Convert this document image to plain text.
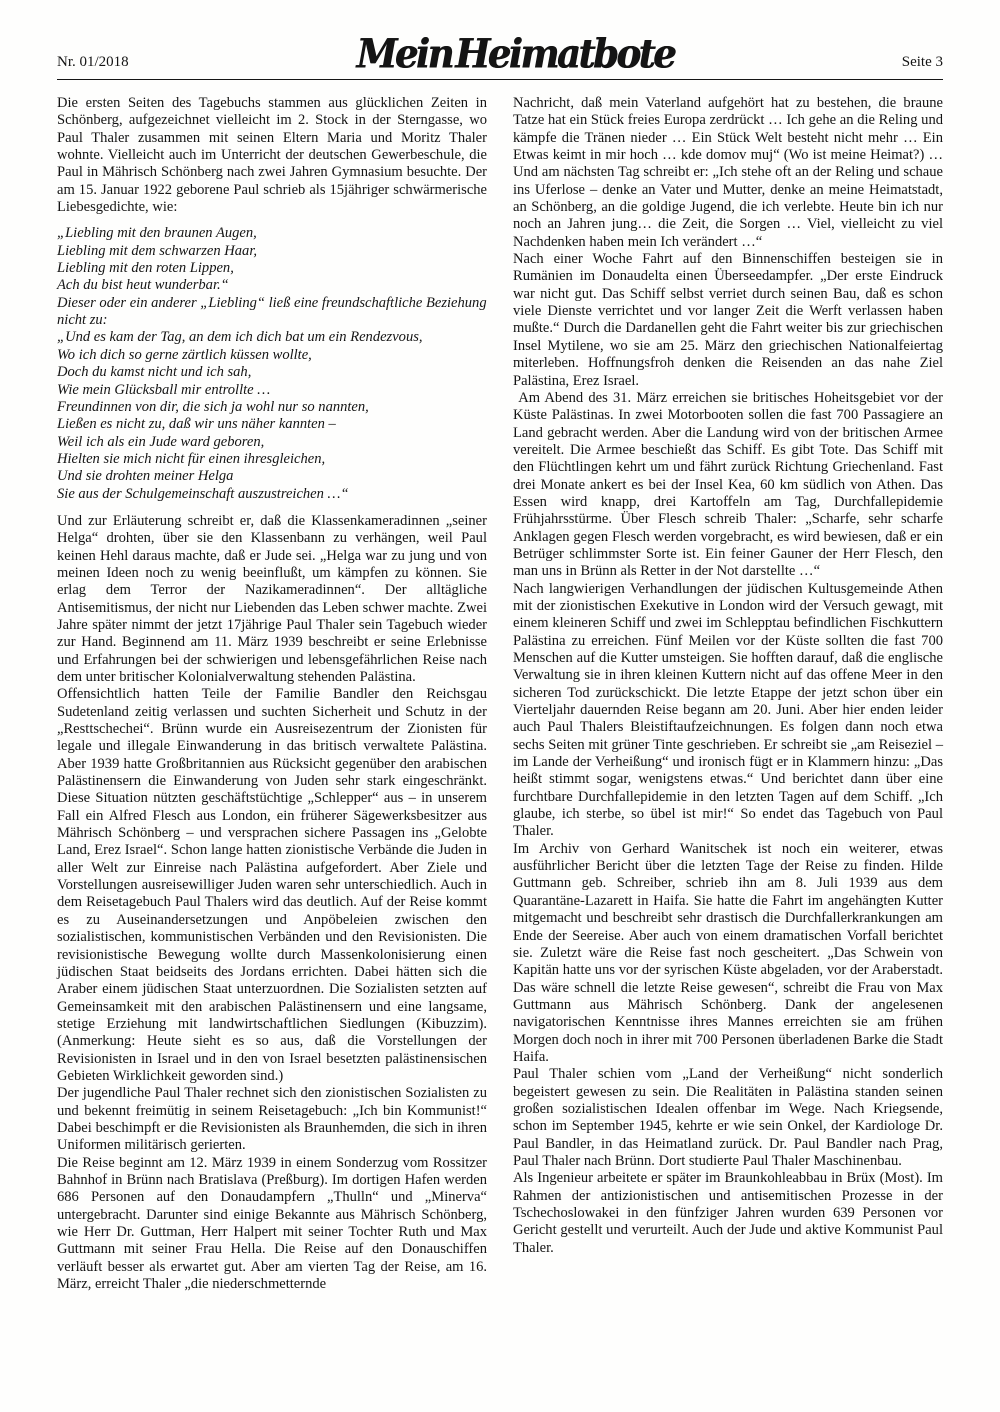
Nr. 01/2018	Mein Heimatbote	Seite 3

Die ersten Seiten des Tagebuchs stammen aus glücklichen Zeiten in Schönberg, aufgezeichnet vielleicht im 2. Stock in der Sterngasse, wo Paul Thaler zusammen mit seinen Eltern Maria und Moritz Thaler wohnte. Vielleicht auch im Unterricht der deutschen Gewerbeschule, die Paul in Mährisch Schönberg nach zwei Jahren Gymnasium besuchte. Der am 15. Januar 1922 geborene Paul schrieb als 15jähriger schwärmerische Liebesgedichte, wie:

„Liebling mit den braunen Augen,
Liebling mit dem schwarzen Haar,
Liebling mit den roten Lippen,
Ach du bist heut wunderbar.“
Dieser oder ein anderer „Liebling“ ließ eine freundschaftliche Beziehung nicht zu:
„Und es kam der Tag, an dem ich dich bat um ein Rendezvous,
Wo ich dich so gerne zärtlich küssen wollte,
Doch du kamst nicht und ich sah,
Wie mein Glücksball mir entrollte …
Freundinnen von dir, die sich ja wohl nur so nannten,
Ließen es nicht zu, daß wir uns näher kannten –
Weil ich als ein Jude ward geboren,
Hielten sie mich nicht für einen ihresgleichen,
Und sie drohten meiner Helga
Sie aus der Schulgemeinschaft auszustreichen …“

Und zur Erläuterung schreibt er, daß die Klassenkameradinnen „seiner Helga“ drohten, über sie den Klassenbann zu verhängen, weil Paul keinen Hehl daraus machte, daß er Jude sei. „Helga war zu jung und von meinen Ideen noch zu wenig beeinflußt, um kämpfen zu können. Sie erlag dem Terror der Nazikameradinnen“. Der alltägliche Antisemitismus, der nicht nur Liebenden das Leben schwer machte. Zwei Jahre später nimmt der jetzt 17jährige Paul Thaler sein Tagebuch wieder zur Hand. Beginnend am 11. März 1939 beschreibt er seine Erlebnisse und Erfahrungen bei der schwierigen und lebensgefährlichen Reise nach dem unter britischer Kolonialverwaltung stehenden Palästina.

Offensichtlich hatten Teile der Familie Bandler den Reichsgau Sudetenland zeitig verlassen und suchten Sicherheit und Schutz in der „Resttschechei“. Brünn wurde ein Ausreisezentrum der Zionisten für legale und illegale Einwanderung in das britisch verwaltete Palästina. Aber 1939 hatte Großbritannien aus Rücksicht gegenüber den arabischen Palästinensern die Einwanderung von Juden sehr stark eingeschränkt. Diese Situation nützten geschäftstüchtige „Schlepper“ aus – in unserem Fall ein Alfred Flesch aus London, ein früherer Sägewerksbesitzer aus Mährisch Schönberg – und versprachen sichere Passagen ins „Gelobte Land, Erez Israel“. Schon lange hatten zionistische Verbände die Juden in aller Welt zur Einreise nach Palästina aufgefordert. Aber Ziele und Vorstellungen ausreisewilliger Juden waren sehr unterschiedlich. Auch in dem Reisetagebuch Paul Thalers wird das deutlich. Auf der Reise kommt es zu Auseinandersetzungen und Anpöbeleien zwischen den sozialistischen, kommunistischen Verbänden und den Revisionisten. Die revisionistische Bewegung wollte durch Massenkolonisierung einen jüdischen Staat beidseits des Jordans errichten. Dabei hätten sich die Araber einem jüdischen Staat unterzuordnen. Die Sozialisten setzten auf Gemeinsamkeit mit den arabischen Palästinensern und eine langsame, stetige Erziehung mit landwirtschaftlichen Siedlungen (Kibuzzim). (Anmerkung: Heute sieht es so aus, daß die Vorstellungen der Revisionisten in Israel und in den von Israel besetzten palästinensischen Gebieten Wirklichkeit geworden sind.)

Der jugendliche Paul Thaler rechnet sich den zionistischen Sozialisten zu und bekennt freimütig in seinem Reisetagebuch: „Ich bin Kommunist!“ Dabei beschimpft er die Revisionisten als Braunhemden, die sich in ihren Uniformen militärisch gerierten.

Die Reise beginnt am 12. März 1939 in einem Sonderzug vom Rossitzer Bahnhof in Brünn nach Bratislava (Preßburg). Im dortigen Hafen werden 686 Personen auf den Donaudampfern „Thulln“ und „Minerva“ untergebracht. Darunter sind einige Bekannte aus Mährisch Schönberg, wie Herr Dr. Guttman, Herr Halpert mit seiner Tochter Ruth und Max Guttmann mit seiner Frau Hella. Die Reise auf den Donauschiffen verläuft besser als erwartet gut. Aber am vierten Tag der Reise, am 16. März, erreicht Thaler „die niederschmetternde

Nachricht, daß mein Vaterland aufgehört hat zu bestehen, die braune Tatze hat ein Stück freies Europa zerdrückt … Ich gehe an die Reling und kämpfe die Tränen nieder … Ein Stück Welt besteht nicht mehr … Ein Etwas keimt in mir hoch … kde domov muj“ (Wo ist meine Heimat?) … Und am nächsten Tag schreibt er: „Ich stehe oft an der Reling und schaue ins Uferlose – denke an Vater und Mutter, denke an meine Heimatstadt, an Schönberg, an die goldige Jugend, die ich verlebte. Heute bin ich nur noch an Jahren jung… die Zeit, die Sorgen … Viel, vielleicht zu viel Nachdenken haben mein Ich verändert …“

Nach einer Woche Fahrt auf den Binnenschiffen besteigen sie in Rumänien im Donaudelta einen Überseedampfer. „Der erste Eindruck war nicht gut. Das Schiff selbst verriet durch seinen Bau, daß es schon viele Dienste verrichtet und vor langer Zeit die Werft verlassen haben mußte.“ Durch die Dardanellen geht die Fahrt weiter bis zur griechischen Insel Mytilene, wo sie am 25. März den griechischen Nationalfeiertag miterleben. Hoffnungsfroh denken die Reisenden an das nahe Ziel Palästina, Erez Israel.

Am Abend des 31. März erreichen sie britisches Hoheitsgebiet vor der Küste Palästinas. In zwei Motorbooten sollen die fast 700 Passagiere an Land gebracht werden. Aber die Landung wird von der britischen Armee vereitelt. Die Armee beschießt das Schiff. Es gibt Tote. Das Schiff mit den Flüchtlingen kehrt um und fährt zurück Richtung Griechenland. Fast drei Monate ankert es bei der Insel Kea, 60 km südlich von Athen. Das Essen wird knapp, drei Kartoffeln am Tag, Durchfallepidemie Frühjahrsstürme. Über Flesch schreib Thaler: „Scharfe, sehr scharfe Anklagen gegen Flesch werden vorgebracht, es wird bewiesen, daß er ein Betrüger schlimmster Sorte ist. Ein feiner Gauner der Herr Flesch, den man uns in Brünn als Retter in der Not darstellte …“

Nach langwierigen Verhandlungen der jüdischen Kultusgemeinde Athen mit der zionistischen Exekutive in London wird der Versuch gewagt, mit einem kleineren Schiff und zwei im Schlepptau befindlichen Fischkuttern Palästina zu erreichen. Fünf Meilen vor der Küste sollten die fast 700 Menschen auf die Kutter umsteigen. Sie hofften darauf, daß die englische Verwaltung sie in ihren kleinen Kuttern nicht auf das offene Meer in den sicheren Tod zurückschickt. Die letzte Etappe der jetzt schon über ein Vierteljahr dauernden Reise begann am 20. Juni. Aber hier enden leider auch Paul Thalers Bleistiftaufzeichnungen. Es folgen dann noch etwa sechs Seiten mit grüner Tinte geschrieben. Er schreibt sie „am Reiseziel – im Lande der Verheißung“ und ironisch fügt er in Klammern hinzu: „Das heißt stimmt sogar, wenigstens etwas.“ Und berichtet dann über eine furchtbare Durchfallepidemie in den letzten Tagen auf dem Schiff. „Ich glaube, ich sterbe, so übel ist mir!“ So endet das Tagebuch von Paul Thaler.

Im Archiv von Gerhard Wanitschek ist noch ein weiterer, etwas ausführlicher Bericht über die letzten Tage der Reise zu finden. Hilde Guttmann geb. Schreiber, schrieb ihn am 8. Juli 1939 aus dem Quarantäne-Lazarett in Haifa. Sie hatte die Fahrt im angehängten Kutter mitgemacht und beschreibt sehr drastisch die Durchfallerkrankungen am Ende der Seereise. Aber auch von einem dramatischen Vorfall berichtet sie. Zuletzt wäre die Reise fast noch gescheitert. „Das Schwein von Kapitän hatte uns vor der syrischen Küste abgeladen, vor der Araberstadt. Das wäre schnell die letzte Reise gewesen“, schreibt die Frau von Max Guttmann aus Mährisch Schönberg. Dank der angelesenen navigatorischen Kenntnisse ihres Mannes erreichten sie am frühen Morgen doch noch in ihrer mit 700 Personen überladenen Barke die Stadt Haifa.

Paul Thaler schien vom „Land der Verheißung“ nicht sonderlich begeistert gewesen zu sein. Die Realitäten in Palästina standen seinen großen sozialistischen Idealen offenbar im Wege. Nach Kriegsende, schon im September 1945, kehrte er wie sein Onkel, der Kardiologe Dr. Paul Bandler, in das Heimatland zurück. Dr. Paul Bandler nach Prag, Paul Thaler nach Brünn. Dort studierte Paul Thaler Maschinenbau.

Als Ingenieur arbeitete er später im Braunkohleabbau in Brüx (Most). Im Rahmen der antizionistischen und antisemitischen Prozesse in der Tschechoslowakei in den fünfziger Jahren wurden 639 Personen vor Gericht gestellt und verurteilt. Auch der Jude und aktive Kommunist Paul Thaler.
